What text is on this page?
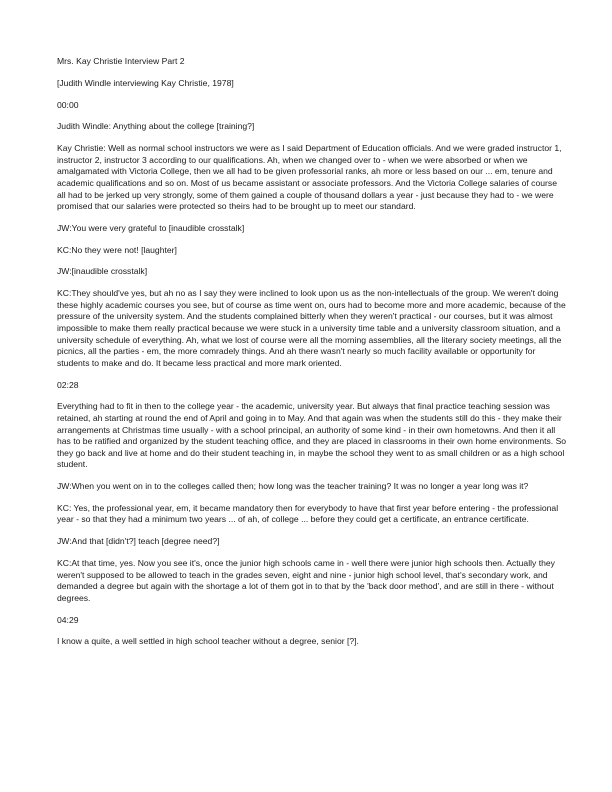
Mrs. Kay Christie Interview Part 2

[Judith Windle interviewing Kay Christie, 1978]

00:00

Judith Windle: Anything about the college [training?]

Kay Christie: Well as normal school instructors we were as I said Department of Education officials. And we were graded instructor 1, instructor 2, instructor 3 according to our qualifications. Ah, when we changed over to - when we were absorbed or when we amalgamated with Victoria College, then we all had to be given professorial ranks, ah more or less based on our ... em, tenure and academic qualifications and so on. Most of us became assistant or associate professors. And the Victoria College salaries of course all had to be jerked up very strongly, some of them gained a couple of thousand dollars a year - just because they had to - we were promised that our salaries were protected so theirs had to be brought up to meet our standard.

JW:You were very grateful to [inaudible crosstalk]

KC:No they were not! [laughter]

JW:[inaudible crosstalk]

KC:They should've yes, but ah no as I say they were inclined to look upon us as the non-intellectuals of the group. We weren't doing these highly academic courses you see, but of course as time went on, ours had to become more and more academic, because of the pressure of the university system. And the students complained bitterly when they weren't practical - our courses, but it was almost impossible to make them really practical because we were stuck in a university time table and a university classroom situation, and a university schedule of everything. Ah, what we lost of course were all the morning assemblies, all the literary society meetings, all the picnics, all the parties - em, the more comradely things. And ah there wasn't nearly so much facility available or opportunity for students to make and do. It became less practical and more mark oriented.

02:28

Everything had to fit in then to the college year - the academic, university year. But always that final practice teaching session was retained, ah starting at round the end of April and going in to May. And that again was when the students still do this - they make their arrangements at Christmas time usually - with a school principal, an authority of some kind - in their own hometowns. And then it all has to be ratified and organized by the student teaching office, and they are placed in classrooms in their own home environments. So they go back and live at home and do their student teaching in, in maybe the school they went to as small children or as a high school student.

JW:When you went on in to the colleges called then; how long was the teacher training? It was no longer a year long was it?

KC: Yes, the professional year, em, it became mandatory then for everybody to have that first year before entering - the professional year - so that they had a minimum two years ... of ah, of college ... before they could get a certificate, an entrance certificate.

JW:And that [didn't?] teach [degree need?]

KC:At that time, yes. Now you see it's, once the junior high schools came in - well there were junior high schools then. Actually they weren't supposed to be allowed to teach in the grades seven, eight and nine - junior high school level, that's secondary work, and demanded a degree but again with the shortage a lot of them got in to that by the 'back door method', and are still in there - without degrees.

04:29

I know a quite, a well settled in high school teacher without a degree, senior [?].
